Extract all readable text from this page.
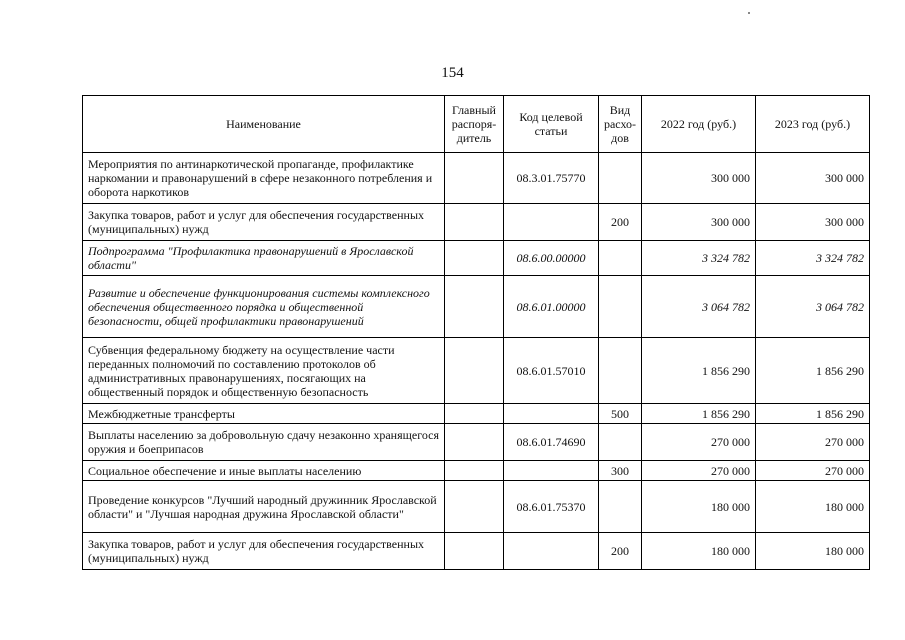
154
Наименование	Главный распоря-дитель	Код целевой статьи	Вид расхо-дов	2022 год (руб.)	2023 год (руб.)
Мероприятия по антинаркотической пропаганде, профилактике наркомании и правонарушений в сфере незаконного потребления и оборота наркотиков		08.3.01.75770		300 000	300 000
Закупка товаров, работ и услуг для обеспечения государственных (муниципальных) нужд			200	300 000	300 000
Подпрограмма "Профилактика правонарушений в Ярославской области"		08.6.00.00000		3 324 782	3 324 782
Развитие и обеспечение функционирования системы комплексного обеспечения общественного порядка и общественной безопасности, общей профилактики правонарушений		08.6.01.00000		3 064 782	3 064 782
Субвенция федеральному бюджету на осуществление части переданных полномочий по составлению протоколов об административных правонарушениях, посягающих на общественный порядок и общественную безопасность		08.6.01.57010		1 856 290	1 856 290
Межбюджетные трансферты			500	1 856 290	1 856 290
Выплаты населению за добровольную сдачу незаконно хранящегося оружия и боеприпасов		08.6.01.74690		270 000	270 000
Социальное обеспечение и иные выплаты населению			300	270 000	270 000
Проведение конкурсов "Лучший народный дружинник Ярославской области" и "Лучшая народная дружина Ярославской области"		08.6.01.75370		180 000	180 000
Закупка товаров, работ и услуг для обеспечения государственных (муниципальных) нужд			200	180 000	180 000
